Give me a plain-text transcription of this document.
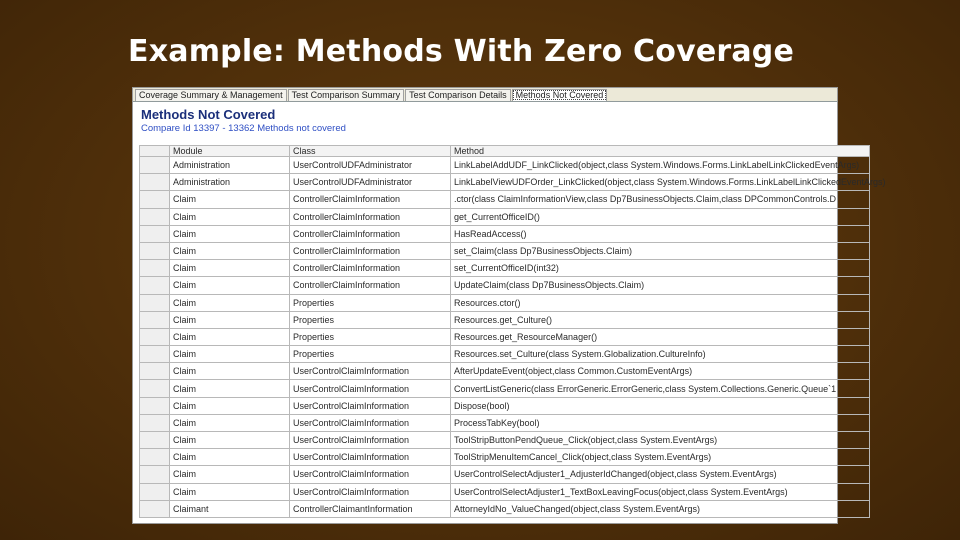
Example: Methods With Zero Coverage
Coverage Summary & Management	Test Comparison Summary	Test Comparison Details	Methods Not Covered
Methods Not Covered
Compare Id 13397 - 13362 Methods not covered
	Module	Class	Method
	Administration	UserControlUDFAdministrator	LinkLabelAddUDF_LinkClicked(object,class System.Windows.Forms.LinkLabelLinkClickedEventArgs)
	Administration	UserControlUDFAdministrator	LinkLabelViewUDFOrder_LinkClicked(object,class System.Windows.Forms.LinkLabelLinkClickedEventArgs)
	Claim	ControllerClaimInformation	.ctor(class ClaimInformationView,class Dp7BusinessObjects.Claim,class DPCommonControls.D
	Claim	ControllerClaimInformation	get_CurrentOfficeID()
	Claim	ControllerClaimInformation	HasReadAccess()
	Claim	ControllerClaimInformation	set_Claim(class Dp7BusinessObjects.Claim)
	Claim	ControllerClaimInformation	set_CurrentOfficeID(int32)
	Claim	ControllerClaimInformation	UpdateClaim(class Dp7BusinessObjects.Claim)
	Claim	Properties	Resources.ctor()
	Claim	Properties	Resources.get_Culture()
	Claim	Properties	Resources.get_ResourceManager()
	Claim	Properties	Resources.set_Culture(class System.Globalization.CultureInfo)
	Claim	UserControlClaimInformation	AfterUpdateEvent(object,class Common.CustomEventArgs)
	Claim	UserControlClaimInformation	ConvertListGeneric(class ErrorGeneric.ErrorGeneric,class System.Collections.Generic.Queue`1
	Claim	UserControlClaimInformation	Dispose(bool)
	Claim	UserControlClaimInformation	ProcessTabKey(bool)
	Claim	UserControlClaimInformation	ToolStripButtonPendQueue_Click(object,class System.EventArgs)
	Claim	UserControlClaimInformation	ToolStripMenuItemCancel_Click(object,class System.EventArgs)
	Claim	UserControlClaimInformation	UserControlSelectAdjuster1_AdjusterIdChanged(object,class System.EventArgs)
	Claim	UserControlClaimInformation	UserControlSelectAdjuster1_TextBoxLeavingFocus(object,class System.EventArgs)
	Claimant	ControllerClaimantInformation	AttorneyIdNo_ValueChanged(object,class System.EventArgs)
